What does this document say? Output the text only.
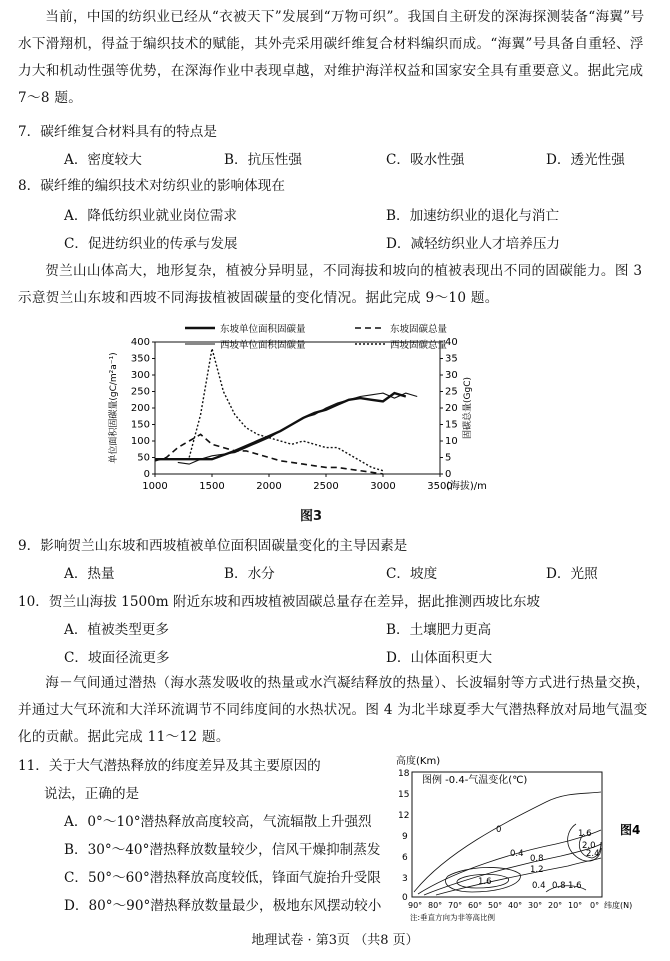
当前，中国的纺织业已经从“衣被天下”发展到“万物可织”。我国自主研发的深海探测装备“海翼”号水下滑翔机，得益于编织技术的赋能，其外壳采用碳纤维复合材料编织而成。“海翼”号具备自重轻、浮力大和机动性强等优势，在深海作业中表现卓越，对维护海洋权益和国家安全具有重要意义。据此完成 7～8 题。
7．碳纤维复合材料具有的特点是
A．密度较大	B．抗压性强	C．吸水性强	D．透光性强
8．碳纤维的编织技术对纺织业的影响体现在
A．降低纺织业就业岗位需求	B．加速纺织业的退化与消亡
C．促进纺织业的传承与发展	D．减轻纺织业人才培养压力
贺兰山山体高大，地形复杂，植被分异明显，不同海拔和坡向的植被表现出不同的固碳能力。图 3 示意贺兰山东坡和西坡不同海拔植被固碳量的变化情况。据此完成 9～10 题。
1000	1500	2000	2500	3000	3500
(海拔)/m
0
50
100
150
200
250
300
350
400
0
5
10
15
20
25
30
35
40
单位面积固碳量(gC/m²a⁻¹)	固碳总量(GgC)
东坡单位面积固碳量	东坡固碳总量
西坡单位面积固碳量	西坡固碳总量
图3
9．影响贺兰山东坡和西坡植被单位面积固碳量变化的主导因素是
A．热量	B．水分	C．坡度	D．光照
10．贺兰山海拔 1500m 附近东坡和西坡植被固碳总量存在差异，据此推测西坡比东坡
A．植被类型更多	B．土壤肥力更高
C．坡面径流更多	D．山体面积更大
海－气间通过潜热（海水蒸发吸收的热量或水汽凝结释放的热量）、长波辐射等方式进行热量交换，并通过大气环流和大洋环流调节不同纬度间的水热状况。图 4 为北半球夏季大气潜热释放对局地气温变化的贡献。据此完成 11～12 题。
11．关于大气潜热释放的纬度差异及其主要原因的
说法，正确的是
A．0°～10°潜热释放高度较高，气流辐散上升强烈
B．30°～40°潜热释放数量较少，信风干燥抑制蒸发
C．50°～60°潜热释放高度较低，锋面气旋抬升受限
D．80°～90°潜热释放数量最少，极地东风摆动较小
高度(Km)
18
15
12
9
6
3
0
图例 -0.4-气温变化(℃)
0
0.4 0.8
1.2
1.6
2.0
2.4
1.6	0.4 0.8 1.6
90° 80° 70° 60° 50° 40° 30° 20° 10° 0° 纬度(N)
注:垂直方向为非等高比例
图4
地理试卷 · 第3页 （共8 页）
